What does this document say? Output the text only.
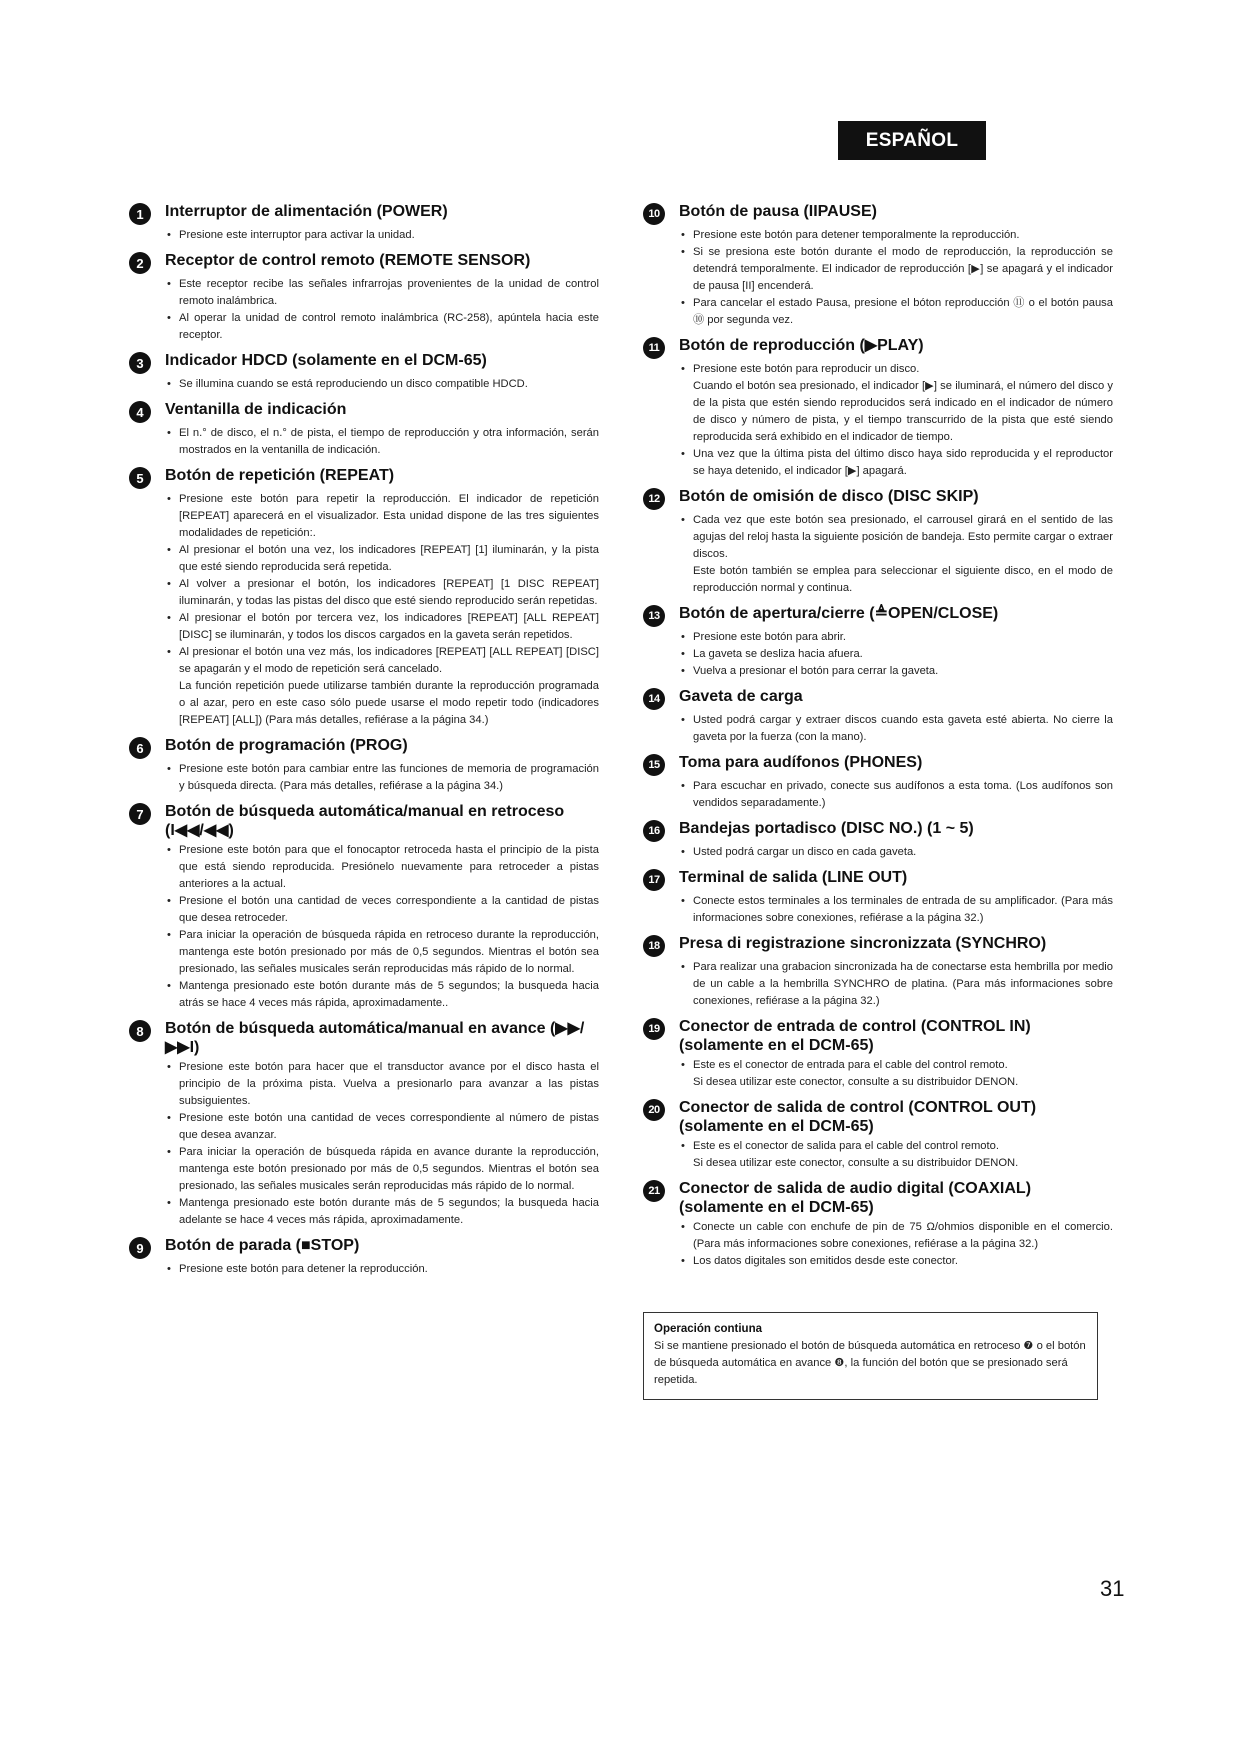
ESPAÑOL
1	Interruptor de alimentación (POWER)
• Presione este interruptor para activar la unidad.
2	Receptor de control remoto (REMOTE SENSOR)
• Este receptor recibe las señales infrarrojas provenientes de la unidad de control remoto inalámbrica.
• Al operar la unidad de control remoto inalámbrica (RC-258), apúntela hacia este receptor.
3	Indicador HDCD (solamente en el DCM-65)
• Se illumina cuando se está reproduciendo un disco compatible HDCD.
4	Ventanilla de indicación
• El n.° de disco, el n.° de pista, el tiempo de reproducción y otra información, serán mostrados en la ventanilla de indicación.
5	Botón de repetición (REPEAT)
• Presione este botón para repetir la reproducción. El indicador de repetición [REPEAT] aparecerá en el visualizador. Esta unidad dispone de las tres siguientes modalidades de repetición:.
• Al presionar el botón una vez, los indicadores [REPEAT] [1] iluminarán, y la pista que esté siendo reproducida será repetida.
• Al volver a presionar el botón, los indicadores [REPEAT] [1 DISC REPEAT] iluminarán, y todas las pistas del disco que esté siendo reproducido serán repetidas.
• Al presionar el botón por tercera vez, los indicadores [REPEAT] [ALL REPEAT] [DISC] se iluminarán, y todos los discos cargados en la gaveta serán repetidos.
• Al presionar el botón una vez más, los indicadores [REPEAT] [ALL REPEAT] [DISC] se apagarán y el modo de repetición será cancelado.
La función repetición puede utilizarse también durante la reproducción programada o al azar, pero en este caso sólo puede usarse el modo repetir todo (indicadores [REPEAT] [ALL]) (Para más detalles, refiérase a la página 34.)
6	Botón de programación (PROG)
• Presione este botón para cambiar entre las funciones de memoria de programación y búsqueda directa. (Para más detalles, refiérase a la página 34.)
7	Botón de búsqueda automática/manual en retroceso (I◀◀/◀◀)
• Presione este botón para que el fonocaptor retroceda hasta el principio de la pista que está siendo reproducida. Presiónelo nuevamente para retroceder a pistas anteriores a la actual.
• Presione el botón una cantidad de veces correspondiente a la cantidad de pistas que desea retroceder.
• Para iniciar la operación de búsqueda rápida en retroceso durante la reproducción, mantenga este botón presionado por más de 0,5 segundos. Mientras el botón sea presionado, las señales musicales serán reproducidas más rápido de lo normal.
• Mantenga presionado este botón durante más de 5 segundos; la busqueda hacia atrás se hace 4 veces más rápida, aproximadamente..
8	Botón de búsqueda automática/manual en avance (▶▶/▶▶I)
• Presione este botón para hacer que el transductor avance por el disco hasta el principio de la próxima pista. Vuelva a presionarlo para avanzar a las pistas subsiguientes.
• Presione este botón una cantidad de veces correspondiente al número de pistas que desea avanzar.
• Para iniciar la operación de búsqueda rápida en avance durante la reproducción, mantenga este botón presionado por más de 0,5 segundos. Mientras el botón sea presionado, las señales musicales serán reproducidas más rápido de lo normal.
• Mantenga presionado este botón durante más de 5 segundos; la busqueda hacia adelante se hace 4 veces más rápida, aproximadamente.
9	Botón de parada (■STOP)
• Presione este botón para detener la reproducción.
10	Botón de pausa (IIPAUSE)
• Presione este botón para detener temporalmente la reproducción.
• Si se presiona este botón durante el modo de reproducción, la reproducción se detendrá temporalmente. El indicador de reproducción [▶] se apagará y el indicador de pausa [II] encenderá.
• Para cancelar el estado Pausa, presione el bóton reproducción ⑪ o el botón pausa ⑩ por segunda vez.
11	Botón de reproducción (▶PLAY)
• Presione este botón para reproducir un disco.
Cuando el botón sea presionado, el indicador [▶] se iluminará, el número del disco y de la pista que estén siendo reproducidos será indicado en el indicador de número de disco y número de pista, y el tiempo transcurrido de la pista que esté siendo reproducida será exhibido en el indicador de tiempo.
• Una vez que la última pista del último disco haya sido reproducida y el reproductor se haya detenido, el indicador [▶] apagará.
12	Botón de omisión de disco (DISC SKIP)
• Cada vez que este botón sea presionado, el carrousel girará en el sentido de las agujas del reloj hasta la siguiente posición de bandeja. Esto permite cargar o extraer discos.
Este botón también se emplea para seleccionar el siguiente disco, en el modo de reproducción normal y continua.
13	Botón de apertura/cierre (≜OPEN/CLOSE)
• Presione este botón para abrir.
• La gaveta se desliza hacia afuera.
• Vuelva a presionar el botón para cerrar la gaveta.
14	Gaveta de carga
• Usted podrá cargar y extraer discos cuando esta gaveta esté abierta. No cierre la gaveta por la fuerza (con la mano).
15	Toma para audífonos (PHONES)
• Para escuchar en privado, conecte sus audífonos a esta toma. (Los audífonos son vendidos separadamente.)
16	Bandejas portadisco (DISC NO.) (1 ~ 5)
• Usted podrá cargar un disco en cada gaveta.
17	Terminal de salida (LINE OUT)
• Conecte estos terminales a los terminales de entrada de su amplificador. (Para más informaciones sobre conexiones, refiérase a la página 32.)
18	Presa di registrazione sincronizzata (SYNCHRO)
• Para realizar una grabacion sincronizada ha de conectarse esta hembrilla por medio de un cable a la hembrilla SYNCHRO de platina. (Para más informaciones sobre conexiones, refiérase a la página 32.)
19	Conector de entrada de control (CONTROL IN) (solamente en el DCM-65)
• Este es el conector de entrada para el cable del control remoto.
Si desea utilizar este conector, consulte a su distribuidor DENON.
20	Conector de salida de control (CONTROL OUT) (solamente en el DCM-65)
• Este es el conector de salida para el cable del control remoto.
Si desea utilizar este conector, consulte a su distribuidor DENON.
21	Conector de salida de audio digital (COAXIAL) (solamente en el DCM-65)
• Conecte un cable con enchufe de pin de 75 Ω/ohmios disponible en el comercio. (Para más informaciones sobre conexiones, refiérase a la página 32.)
• Los datos digitales son emitidos desde este conector.
Operación contiuna
Si se mantiene presionado el botón de búsqueda automática en retroceso ❼ o el botón de búsqueda automática en avance ❽, la función del botón que se presionado será repetida.
31
